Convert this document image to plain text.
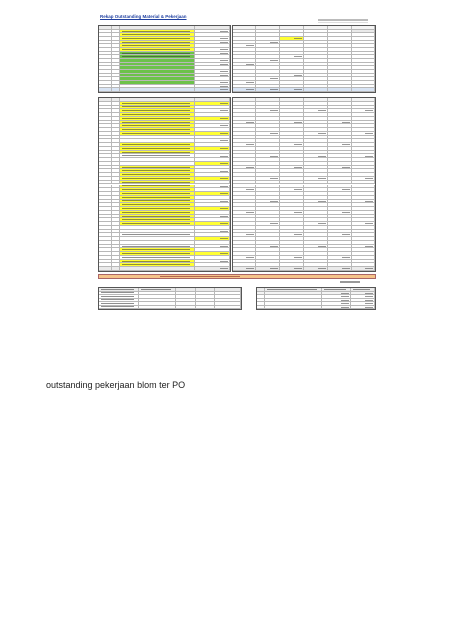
Rekap Outstanding Material & Pekerjaan
outstanding pekerjaan blom ter PO
